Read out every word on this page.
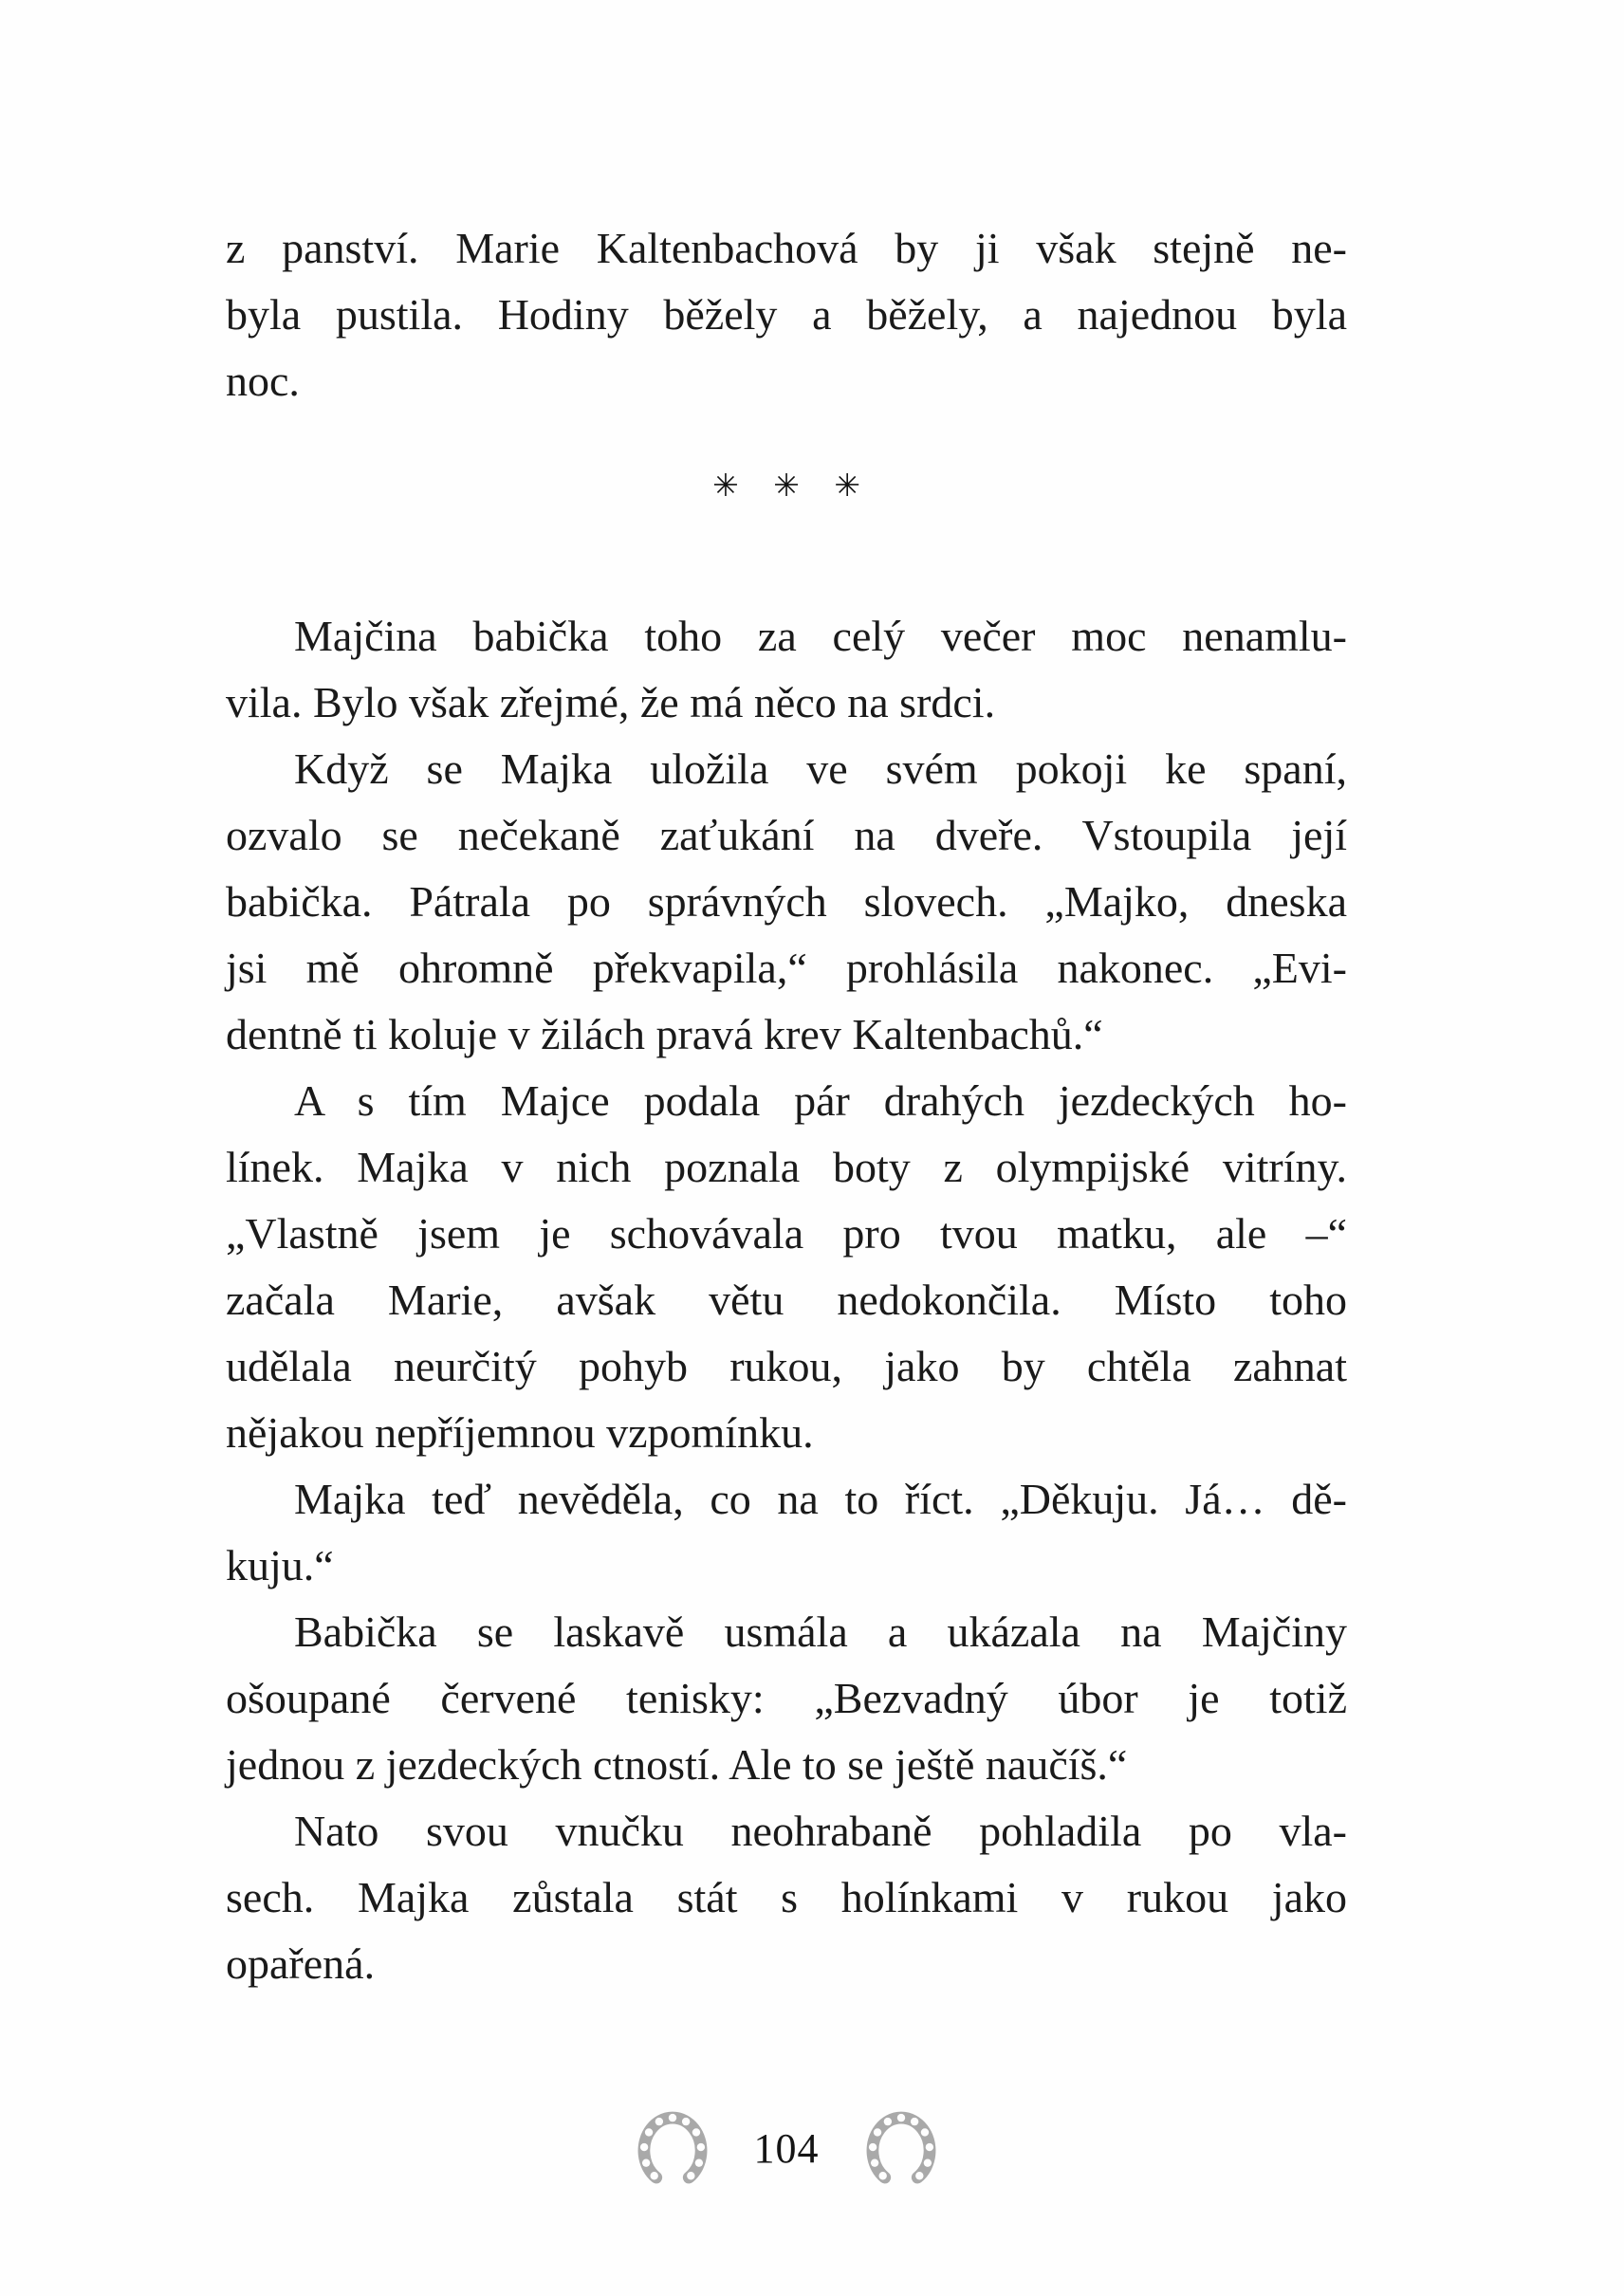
z panství. Marie Kaltenbachová by ji však stejně ne-
byla pustila. Hodiny běžely a běžely, a najednou byla
noc.
✳ ✳ ✳
Majčina babička toho za celý večer moc nenamlu-
vila. Bylo však zřejmé, že má něco na srdci.
Když se Majka uložila ve svém pokoji ke spaní,
ozvalo se nečekaně zaťukání na dveře. Vstoupila její
babička. Pátrala po správných slovech. „Majko, dneska
jsi mě ohromně překvapila,“ prohlásila nakonec. „Evi-
dentně ti koluje v žilách pravá krev Kaltenbachů.“
A s tím Majce podala pár drahých jezdeckých ho-
línek. Majka v nich poznala boty z olympijské vitríny.
„Vlastně jsem je schovávala pro tvou matku, ale –“
začala Marie, avšak větu nedokončila. Místo toho
udělala neurčitý pohyb rukou, jako by chtěla zahnat
nějakou nepříjemnou vzpomínku.
Majka teď nevěděla, co na to říct. „Děkuju. Já… dě-
kuju.“
Babička se laskavě usmála a ukázala na Majčiny
ošoupané červené tenisky: „Bezvadný úbor je totiž
jednou z jezdeckých ctností. Ale to se ještě naučíš.“
Nato svou vnučku neohrabaně pohladila po vla-
sech. Majka zůstala stát s holínkami v rukou jako
opařená.
104
